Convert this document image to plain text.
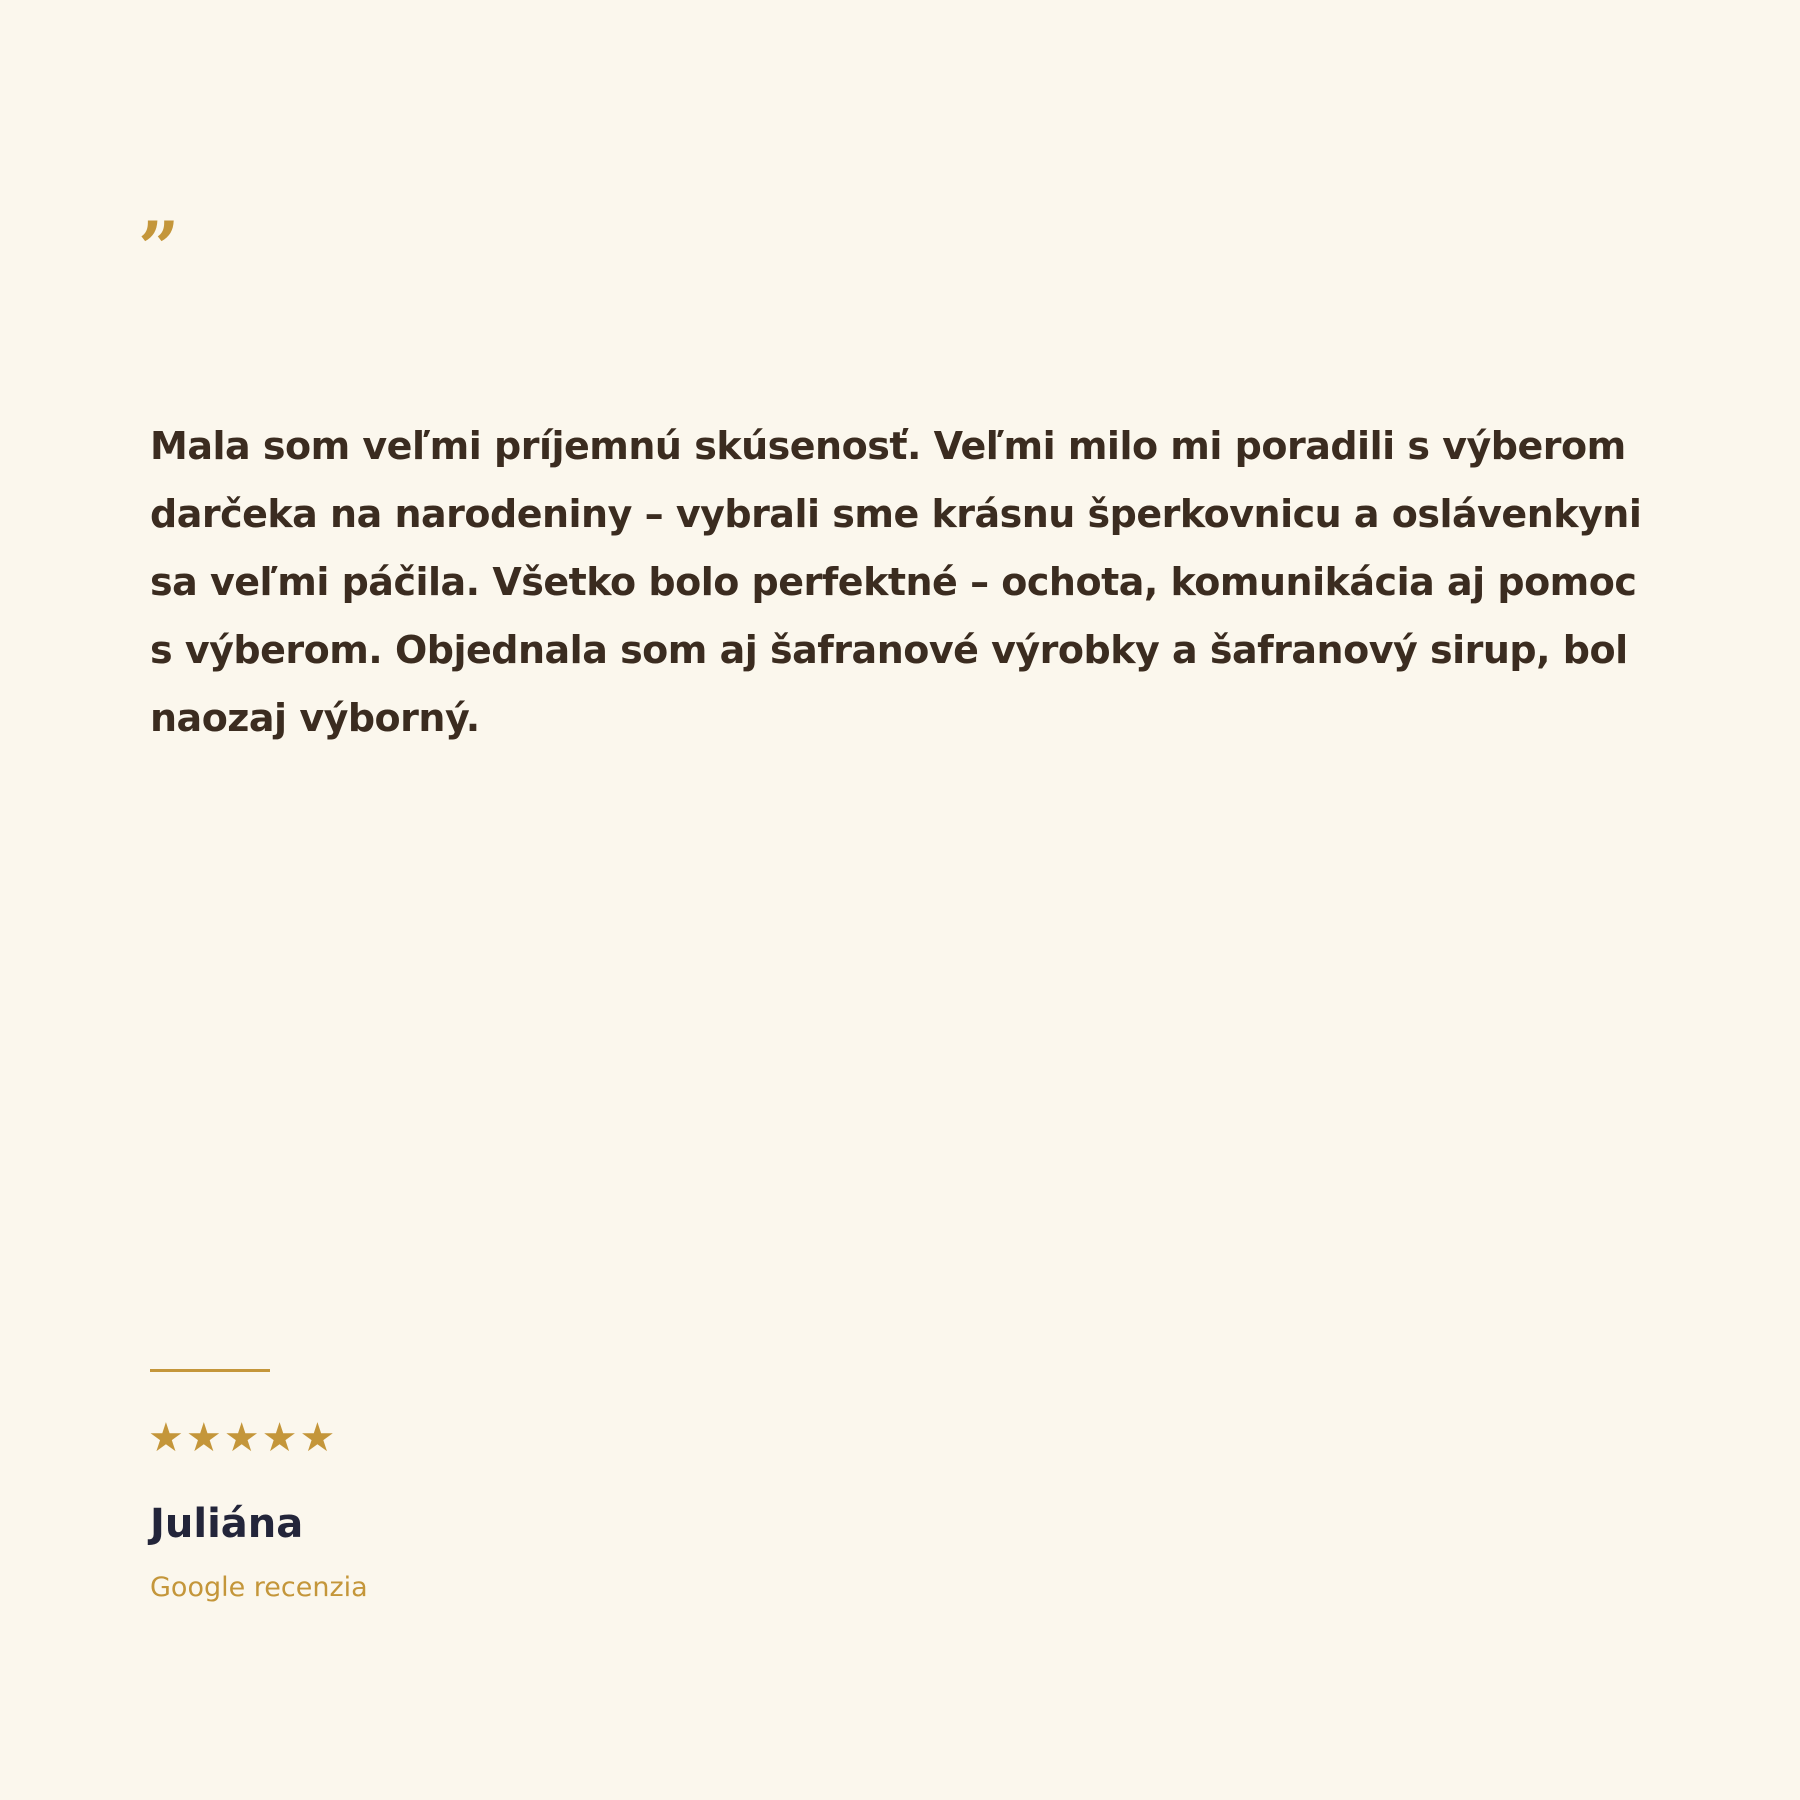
”

Mala som veľmi príjemnú skúsenosť. Veľmi milo mi poradili s výberom darčeka na narodeniny – vybrali sme krásnu šperkovnicu a oslávenkyni sa veľmi páčila. Všetko bolo perfektné – ochota, komunikácia aj pomoc s výberom. Objednala som aj šafranové výrobky a šafranový sirup, bol naozaj výborný.

★ ★ ★ ★ ★
Juliána
Google recenzia
